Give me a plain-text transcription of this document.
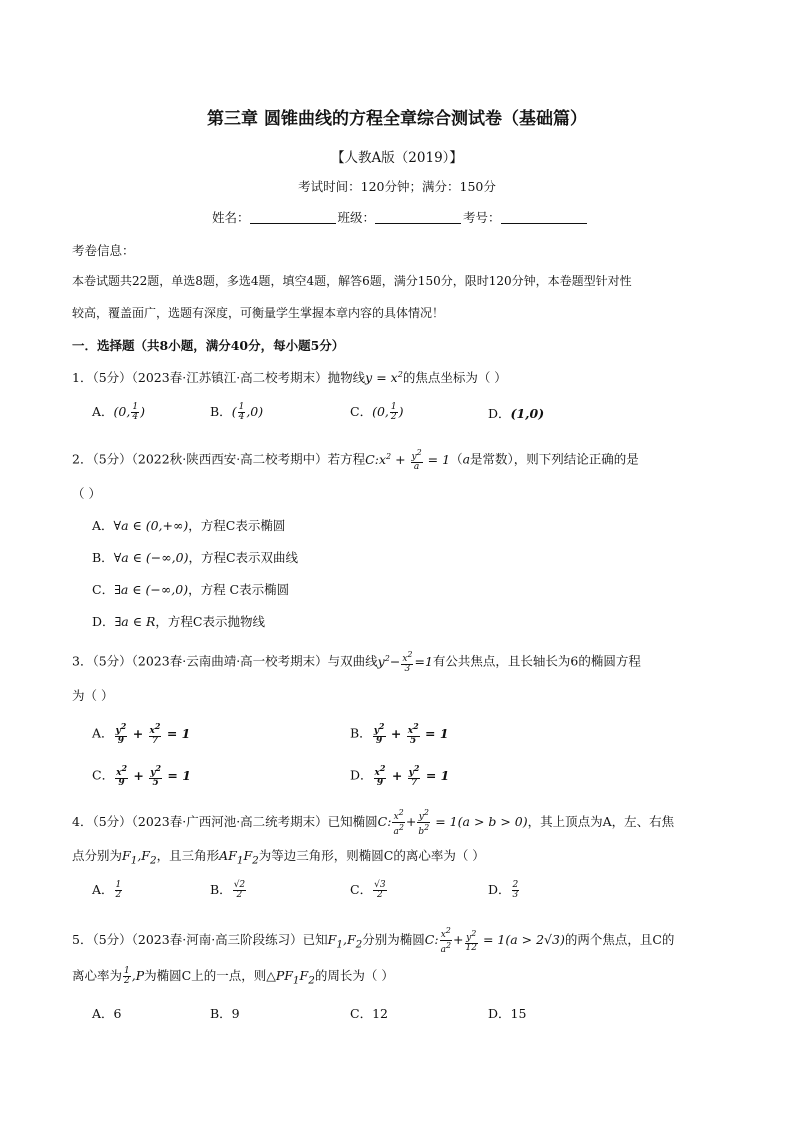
第三章 圆锥曲线的方程全章综合测试卷（基础篇）
【人教A版（2019）】
考试时间：120分钟；满分：150分
姓名：	班级：	考号：
考卷信息：
本卷试题共22题，单选8题，多选4题，填空4题，解答6题，满分150分，限时120分钟，本卷题型针对性
较高，覆盖面广，选题有深度，可衡量学生掌握本章内容的具体情况！
一．选择题（共8小题，满分40分，每小题5分）
1．（5分）（2023春·江苏镇江·高二校考期末）抛物线$y = x^2$的焦点坐标为（ ）
A．(0, $\frac{1}{4}$ )	B．( $\frac{1}{4} ,0$)	C．(0, $\frac{1}{2}$ )	D．(1,0)
2．（5分）（2022秋·陕西西安·高二校考期中）若方程$C:x^2 + \frac{y^2}{a} = 1(a$是常数），则下列结论正确的是
（ ）
A．∀a ∈ (0,+∞)，方程C表示椭圆
B．∀a ∈ (−∞,0)，方程C表示双曲线
C．∃a ∈ (−∞,0)，方程 C表示椭圆
D．∃a ∈ R，方程C表示抛物线
3．（5分）（2023春·云南曲靖·高一校考期末）与双曲线$y^2- \frac{x^2}{3} =1$有公共焦点，且长轴长为6的椭圆方程
为（ ）
A． $\frac{y^2}{9} + \frac{x^2}{7} = 1$	B． $\frac{y^2}{9} + \frac{x^2}{5} = 1$
C． $\frac{x^2}{9} + \frac{y^2}{5} = 1$	D． $\frac{x^2}{9} + \frac{y^2}{7} = 1$
4．（5分）（2023春·广西河池·高二统考期末）已知椭圆C: $\frac{x^2}{a^2} + \frac{y^2}{b^2} = 1(a > b > 0)$，其上顶点为A，左、右焦
点分别为$F_1,F_2$，且三角形$AF_1F_2$为等边三角形，则椭圆C的离心率为（ ）
A． $\frac{1}{2}$	B． $\frac{√2}{2}$	C． $\frac{√3}{2}$	D． $\frac{2}{3}$
5．（5分）（2023春·河南·高三阶段练习）已知$F_1,F_2$分别为椭圆C: $\frac{x^2}{a^2} + \frac{y^2}{12} = 1(a > 2√3)$的两个焦点，且C的
离心率为 $\frac{1}{2} ,P$为椭圆C上的一点，则$\triangle PF_1F_2$的周长为（ ）
A．6	B．9	C．12	D．15
